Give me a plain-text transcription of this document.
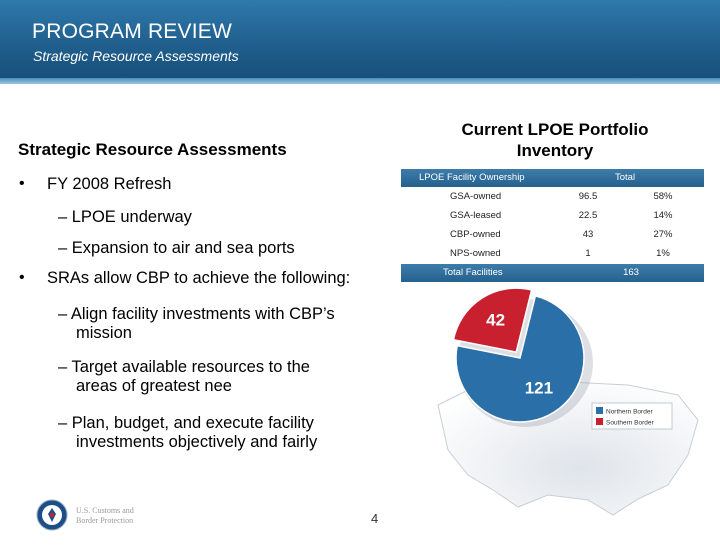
PROGRAM REVIEW
Strategic Resource Assessments
Strategic Resource Assessments
• FY 2008 Refresh
– LPOE underway
– Expansion to air and sea ports
• SRAs allow CBP to achieve the following:
– Align facility investments with CBP’s
mission
– Target available resources to the
areas of greatest nee
– Plan, budget, and execute facility
investments objectively and fairly
Current LPOE Portfolio
Inventory
LPOE Facility Ownership	Total
GSA-owned	96.5	58%
GSA-leased	22.5	14%
CBP-owned	43	27%
NPS-owned	1	1%
Total Facilities	163
121
42
Northern Border
Southern Border
U.S. Customs and
Border Protection	4
